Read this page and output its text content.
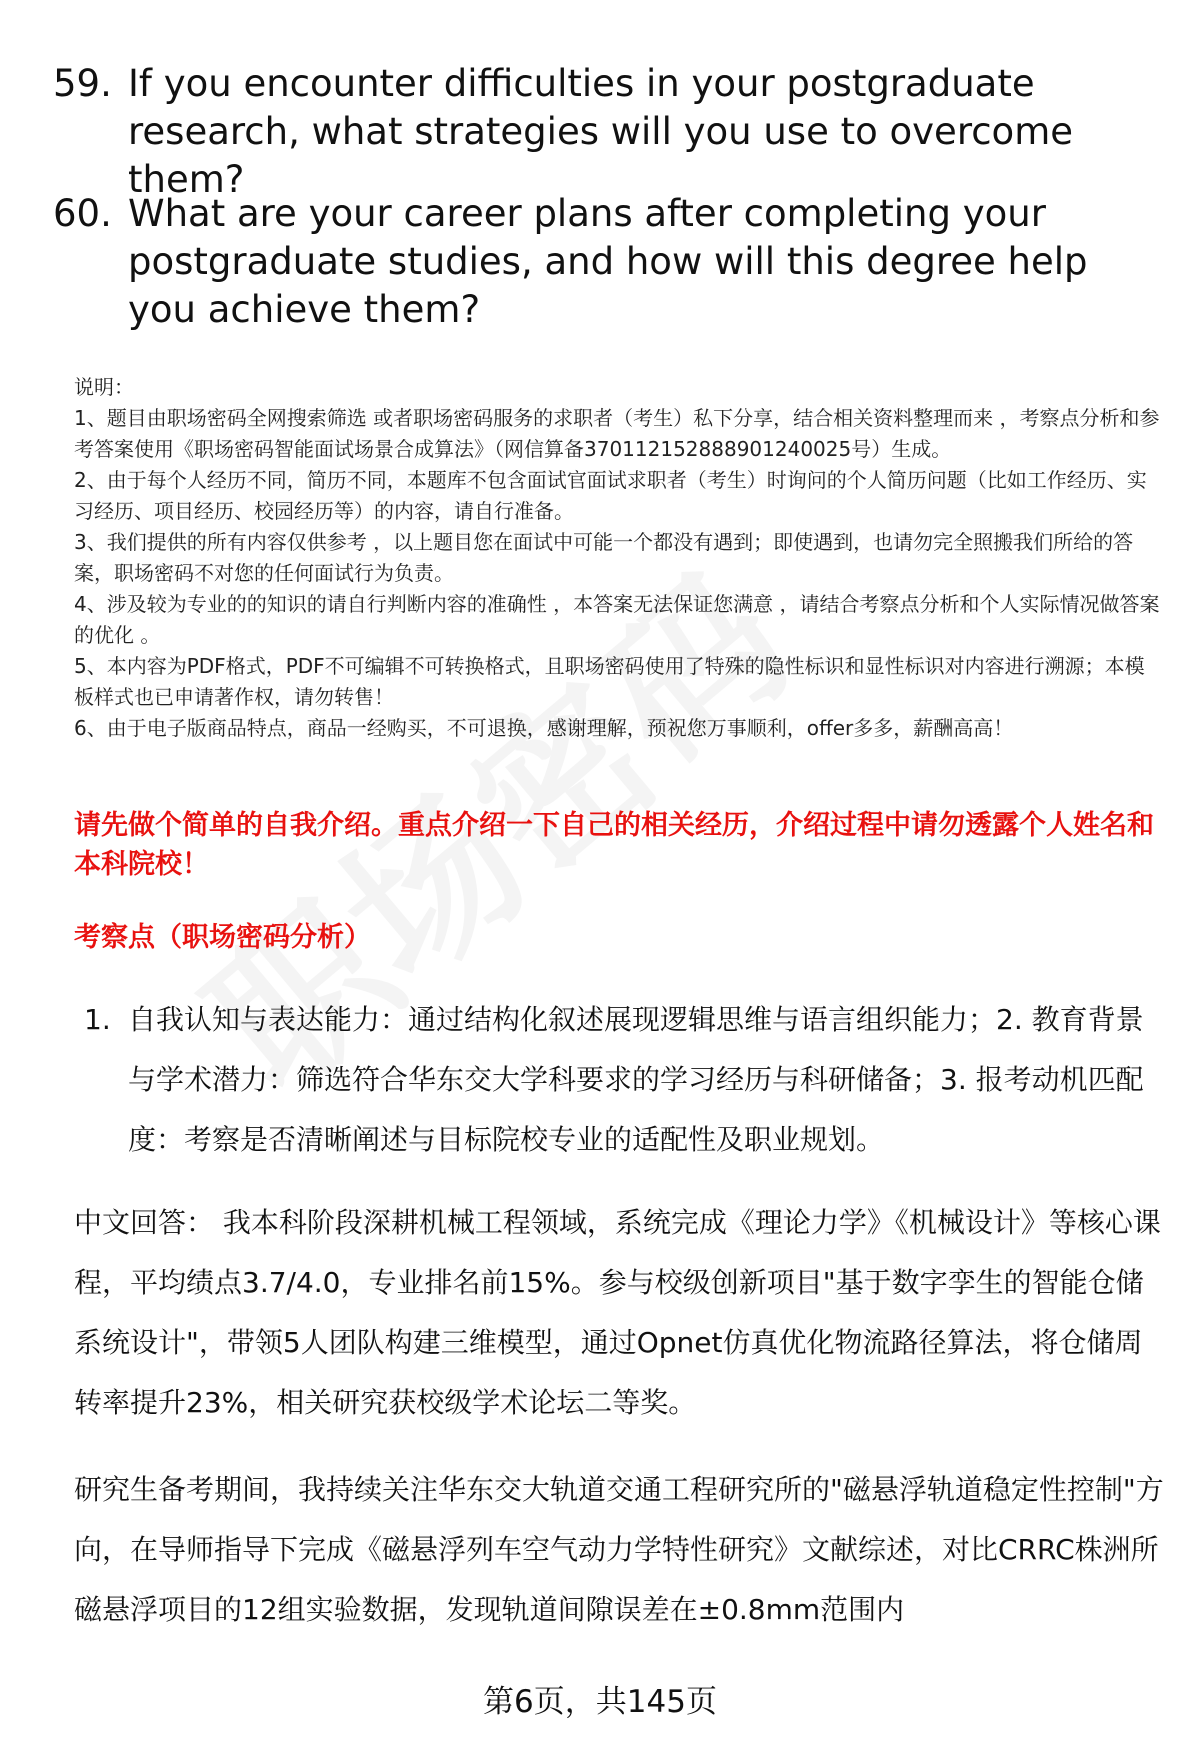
59. If you encounter difficulties in your postgraduate research, what strategies will you use to overcome them?
60. What are your career plans after completing your postgraduate studies, and how will this degree help you achieve them?
说明：
1、题目由职场密码全网搜索筛选 或者职场密码服务的求职者（考生）私下分享，结合相关资料整理而来 ，考察点分析和参考答案使用《职场密码智能面试场景合成算法》（网信算备370112152888901240025号）生成。
2、由于每个人经历不同，简历不同，本题库不包含面试官面试求职者（考生）时询问的个人简历问题（比如工作经历、实习经历、项目经历、校园经历等）的内容，请自行准备。
3、我们提供的所有内容仅供参考 ，以上题目您在面试中可能一个都没有遇到；即使遇到，也请勿完全照搬我们所给的答案，职场密码不对您的任何面试行为负责。
4、涉及较为专业的的知识的请自行判断内容的准确性 ，本答案无法保证您满意 ，请结合考察点分析和个人实际情况做答案的优化 。
5、本内容为PDF格式，PDF不可编辑不可转换格式，且职场密码使用了特殊的隐性标识和显性标识对内容进行溯源；本模板样式也已申请著作权，请勿转售！
6、由于电子版商品特点，商品一经购买，不可退换，感谢理解，预祝您万事顺利，offer多多，薪酬高高！
请先做个简单的自我介绍。重点介绍一下自己的相关经历，介绍过程中请勿透露个人姓名和本科院校！
考察点（职场密码分析）
1. 自我认知与表达能力：通过结构化叙述展现逻辑思维与语言组织能力；2. 教育背景与学术潜力：筛选符合华东交大学科要求的学习经历与科研储备；3. 报考动机匹配度：考察是否清晰阐述与目标院校专业的适配性及职业规划。
中文回答： 我本科阶段深耕机械工程领域，系统完成《理论力学》《机械设计》等核心课程，平均绩点3.7/4.0，专业排名前15%。参与校级创新项目"基于数字孪生的智能仓储系统设计"，带领5人团队构建三维模型，通过Opnet仿真优化物流路径算法，将仓储周转率提升23%，相关研究获校级学术论坛二等奖。
研究生备考期间，我持续关注华东交大轨道交通工程研究所的"磁悬浮轨道稳定性控制"方向，在导师指导下完成《磁悬浮列车空气动力学特性研究》文献综述，对比CRRC株洲所磁悬浮项目的12组实验数据，发现轨道间隙误差在±0.8mm范围内
第6页，共145页
